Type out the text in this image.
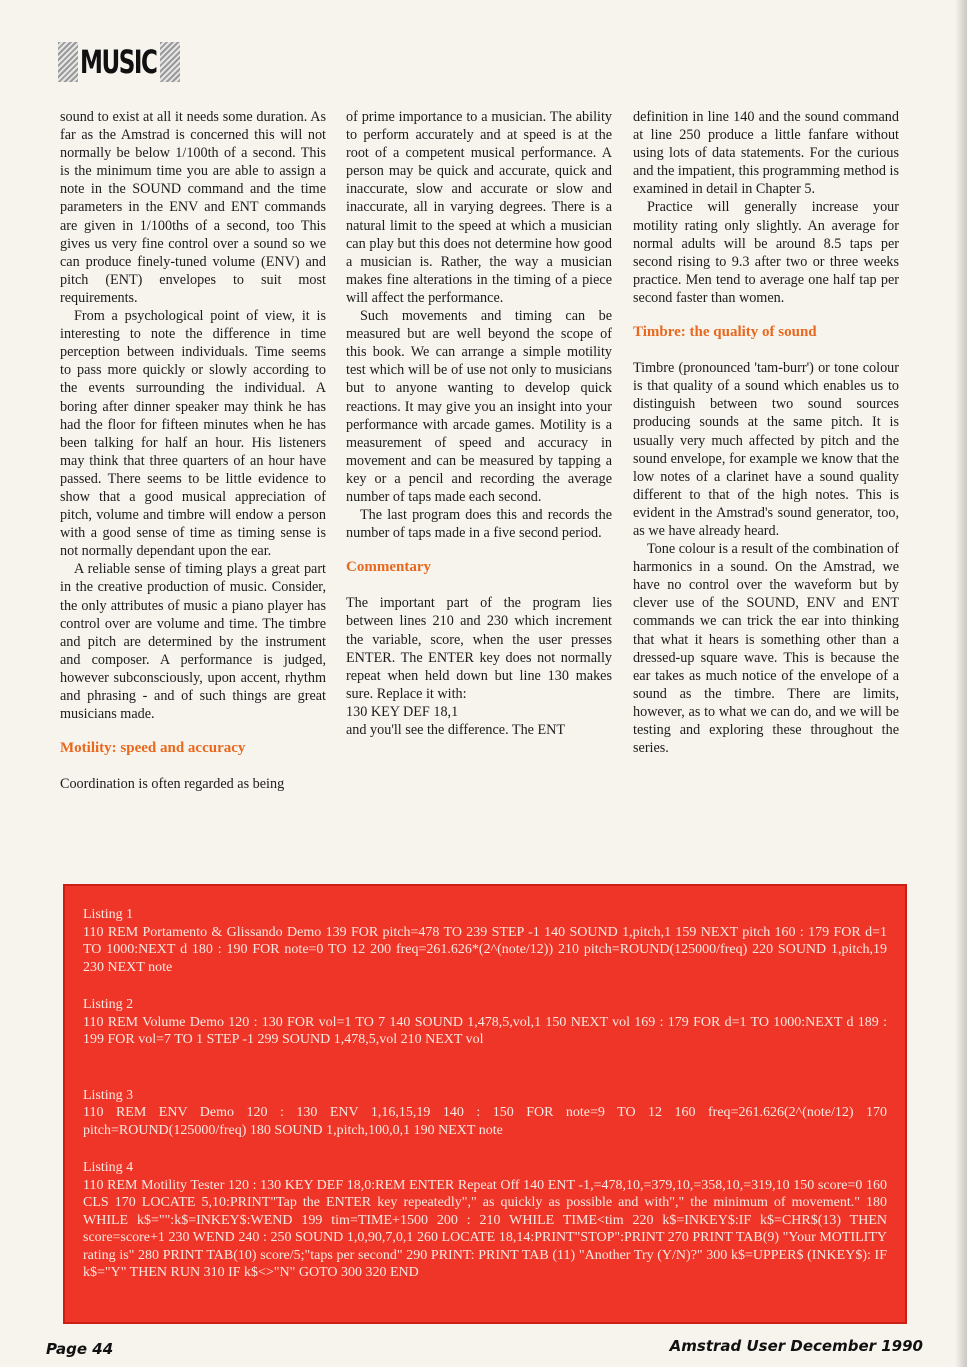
MUSIC

sound to exist at all it needs some duration. As far as the Amstrad is concerned this will not normally be below 1/100th of a second. This is the minimum time you are able to assign a note in the SOUND command and the time parameters in the ENV and ENT commands are given in 1/100ths of a second, too This gives us very fine control over a sound so we can produce finely-tuned volume (ENV) and pitch (ENT) envelopes to suit most requirements.

From a psychological point of view, it is interesting to note the difference in time perception between individuals. Time seems to pass more quickly or slowly according to the events surrounding the individual. A boring after dinner speaker may think he has had the floor for fifteen minutes when he has been talking for half an hour. His listeners may think that three quarters of an hour have passed. There seems to be little evidence to show that a good musical appreciation of pitch, volume and timbre will endow a person with a good sense of time as timing sense is not normally dependant upon the ear.

A reliable sense of timing plays a great part in the creative production of music. Consider, the only attributes of music a piano player has control over are volume and time. The timbre and pitch are determined by the instrument and composer. A performance is judged, however subconsciously, upon accent, rhythm and phrasing - and of such things are great musicians made.

Motility: speed and accuracy

Coordination is often regarded as being

of prime importance to a musician. The ability to perform accurately and at speed is at the root of a competent musical performance. A person may be quick and accurate, quick and inaccurate, slow and accurate or slow and inaccurate, all in varying degrees. There is a natural limit to the speed at which a musician can play but this does not determine how good a musician is. Rather, the way a musician makes fine alterations in the timing of a piece will affect the performance.

Such movements and timing can be measured but are well beyond the scope of this book. We can arrange a simple motility test which will be of use not only to musicians but to anyone wanting to develop quick reactions. It may give you an insight into your performance with arcade games. Motility is a measurement of speed and accuracy in movement and can be measured by tapping a key or a pencil and recording the average number of taps made each second.

The last program does this and records the number of taps made in a five second period.

Commentary

The important part of the program lies between lines 210 and 230 which increment the variable, score, when the user presses ENTER. The ENTER key does not normally repeat when held down but line 130 makes sure. Replace it with:

130 KEY DEF 18,1

and you'll see the difference. The ENT

definition in line 140 and the sound command at line 250 produce a little fanfare without using lots of data statements. For the curious and the impatient, this programming method is examined in detail in Chapter 5.

Practice will generally increase your motility rating only slightly. An average for normal adults will be around 8.5 taps per second rising to 9.3 after two or three weeks practice. Men tend to average one half tap per second faster than women.

Timbre: the quality of sound

Timbre (pronounced 'tam-burr') or tone colour is that quality of a sound which enables us to distinguish between two sound sources producing sounds at the same pitch. It is usually very much affected by pitch and the sound envelope, for example we know that the low notes of a clarinet have a sound quality different to that of the high notes. This is evident in the Amstrad's sound generator, too, as we have already heard.

Tone colour is a result of the combination of harmonics in a sound. On the Amstrad, we have no control over the waveform but by clever use of the SOUND, ENV and ENT commands we can trick the ear into thinking that what it hears is something other than a dressed-up square wave. This is because the ear takes as much notice of the envelope of a sound as the timbre. There are limits, however, as to what we can do, and we will be testing and exploring these throughout the series.

Listing 1

110 REM Portamento & Glissando Demo 139 FOR pitch=478 TO 239 STEP -1 140 SOUND 1,pitch,1 159 NEXT pitch 160 : 179 FOR d=1 TO 1000:NEXT d 180 : 190 FOR note=0 TO 12 200 freq=261.626*(2^(note/12)) 210 pitch=ROUND(125000/freq) 220 SOUND 1,pitch,19 230 NEXT note

Listing 2

110 REM Volume Demo 120 : 130 FOR vol=1 TO 7 140 SOUND 1,478,5,vol,1 150 NEXT vol 169 : 179 FOR d=1 TO 1000:NEXT d 189 : 199 FOR vol=7 TO 1 STEP -1 299 SOUND 1,478,5,vol 210 NEXT vol

Listing 3

110 REM ENV Demo 120 : 130 ENV 1,16,15,19 140 : 150 FOR note=9 TO 12 160 freq=261.626(2^(note/12) 170 pitch=ROUND(125000/freq) 180 SOUND 1,pitch,100,0,1 190 NEXT note

Listing 4

110 REM Motility Tester 120 : 130 KEY DEF 18,0:REM ENTER Repeat Off 140 ENT -1,=478,10,=379,10,=358,10,=319,10 150 score=0 160 CLS 170 LOCATE 5,10:PRINT"Tap the ENTER key repeatedly"," as quickly as possible and with"," the minimum of movement." 180 WHILE k$="":k$=INKEY$:WEND 199 tim=TIME+1500 200 : 210 WHILE TIME<tim 220 k$=INKEY$:IF k$=CHR$(13) THEN score=score+1 230 WEND 240 : 250 SOUND 1,0,90,7,0,1 260 LOCATE 18,14:PRINT"STOP":PRINT 270 PRINT TAB(9) "Your MOTILITY rating is" 280 PRINT TAB(10) score/5;"taps per second" 290 PRINT: PRINT TAB (11) "Another Try (Y/N)?" 300 k$=UPPER$ (INKEY$): IF k$="Y" THEN RUN 310 IF k$<>"N" GOTO 300 320 END

Page 44	Amstrad User December 1990
